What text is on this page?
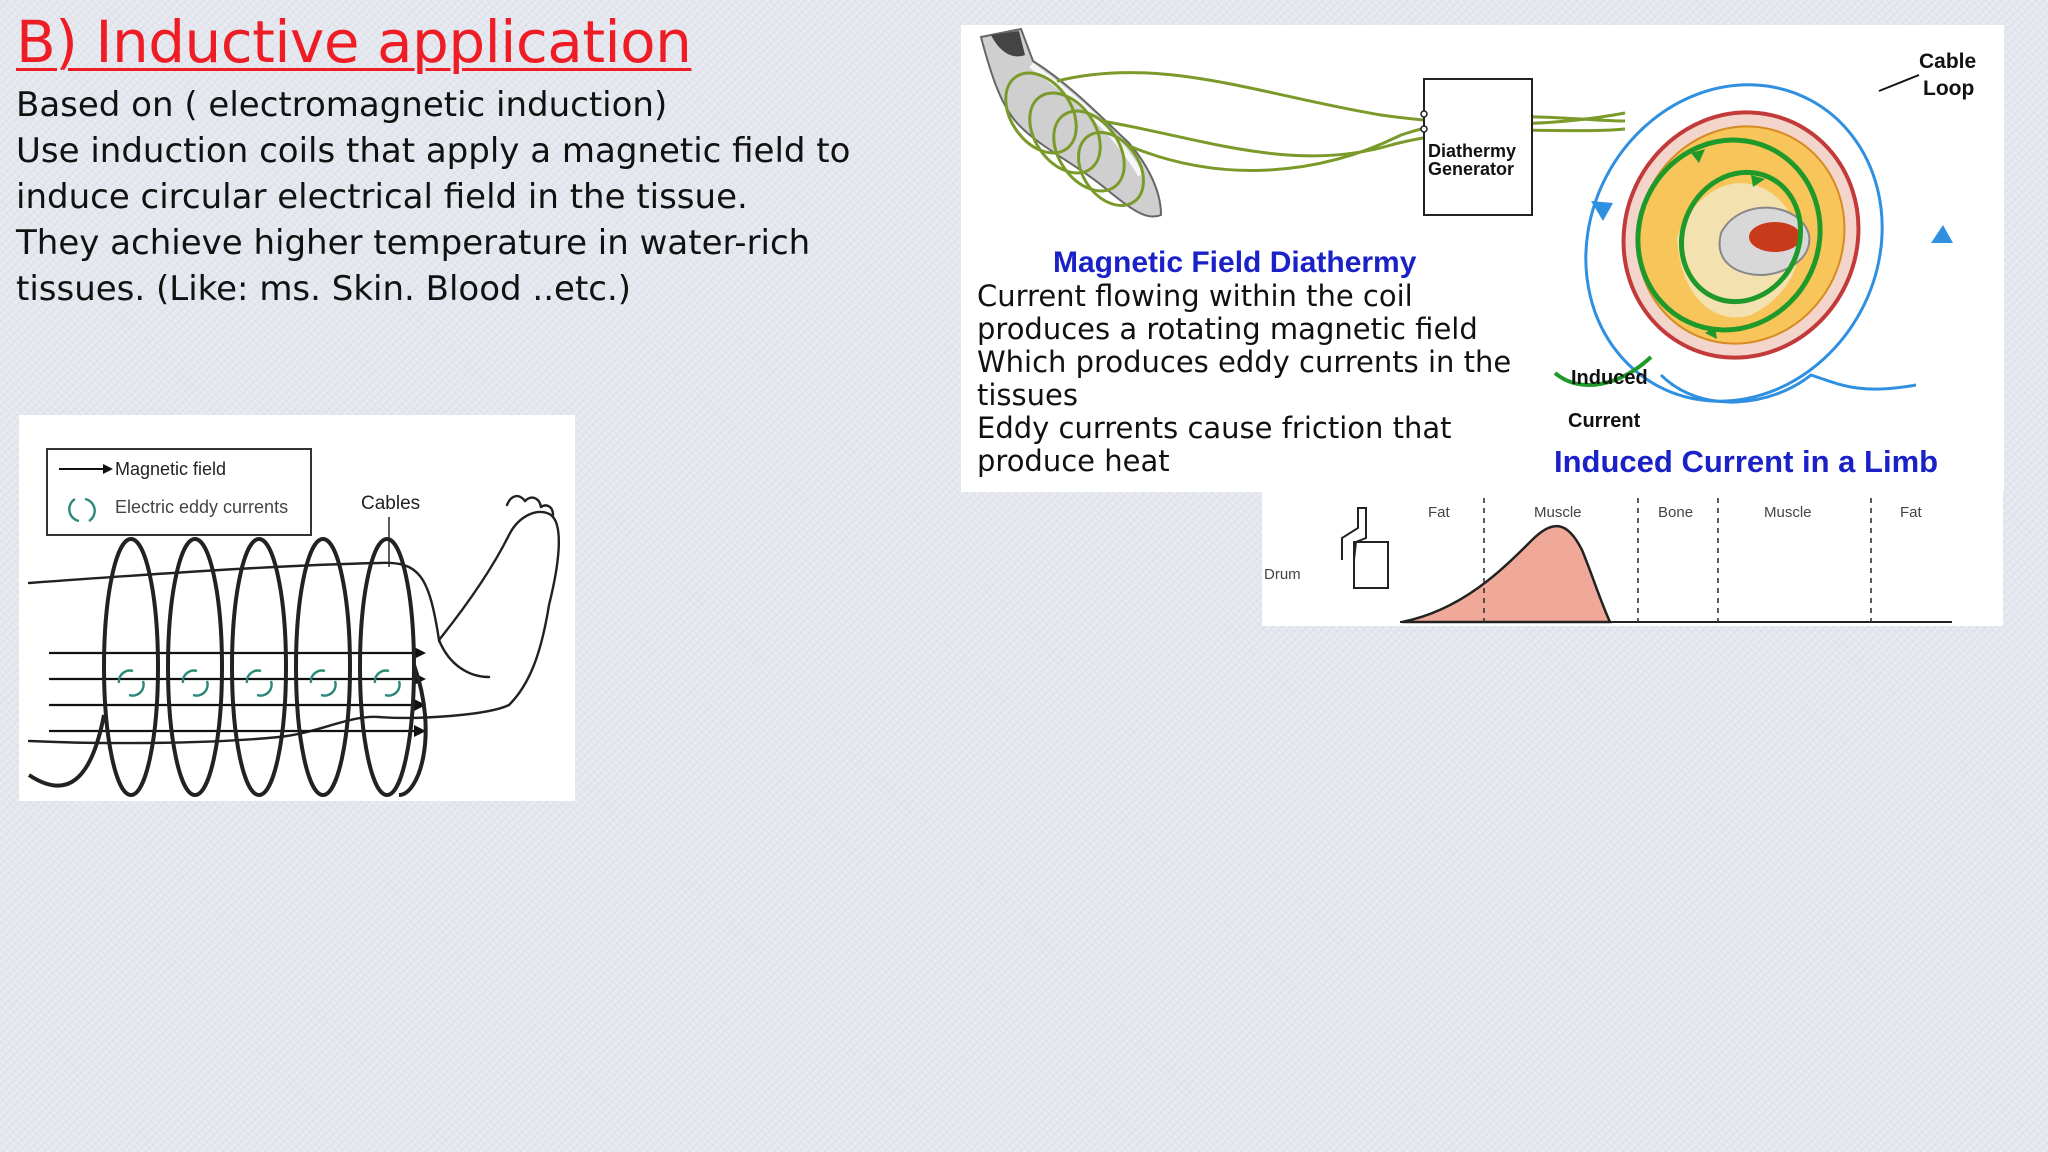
B) Inductive application
Based on ( electromagnetic induction)
Use induction coils that apply a magnetic field to
induce circular electrical field in the tissue.
They achieve higher temperature in water-rich
tissues. (Like: ms. Skin. Blood ..etc.)
Magnetic field
Electric eddy currents	Cables
Diathermy
Generator
Magnetic Field Diathermy
Cable
Loop
Induced
Current
Induced Current in a Limb
Current flowing within the coil
produces a rotating magnetic field
Which produces eddy currents in the
tissues
Eddy currents cause friction that
produce heat
Drum
Fat	Muscle	Bone	Muscle	Fat
